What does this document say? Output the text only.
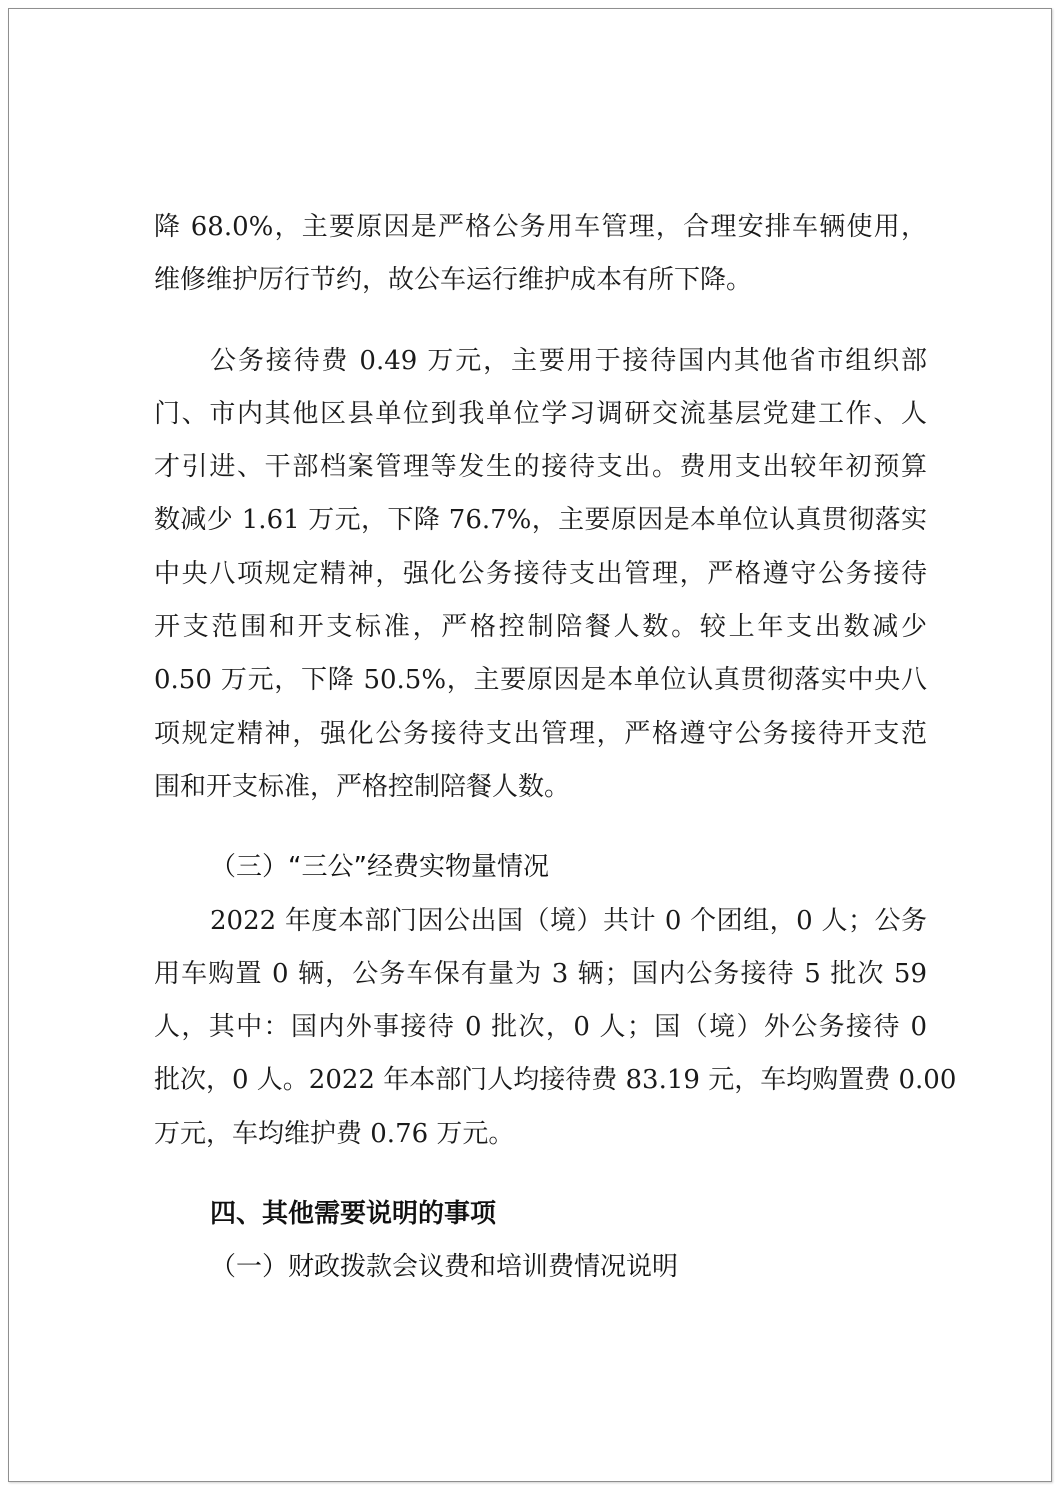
降 68.0%，主要原因是严格公务用车管理，合理安排车辆使用，
维修维护厉行节约，故公车运行维护成本有所下降。
公务接待费 0.49 万元，主要用于接待国内其他省市组织部
门、市内其他区县单位到我单位学习调研交流基层党建工作、人
才引进、干部档案管理等发生的接待支出。费用支出较年初预算
数减少 1.61 万元，下降 76.7%，主要原因是本单位认真贯彻落实
中央八项规定精神，强化公务接待支出管理，严格遵守公务接待
开支范围和开支标准，严格控制陪餐人数。较上年支出数减少
0.50 万元，下降 50.5%，主要原因是本单位认真贯彻落实中央八
项规定精神，强化公务接待支出管理，严格遵守公务接待开支范
围和开支标准，严格控制陪餐人数。
（三）“三公”经费实物量情况
2022 年度本部门因公出国（境）共计 0 个团组，0 人；公务
用车购置 0 辆，公务车保有量为 3 辆；国内公务接待 5 批次 59
人，其中：国内外事接待 0 批次，0 人；国（境）外公务接待 0
批次，0 人。2022 年本部门人均接待费 83.19 元，车均购置费 0.00
万元，车均维护费 0.76 万元。
四、其他需要说明的事项
（一）财政拨款会议费和培训费情况说明
